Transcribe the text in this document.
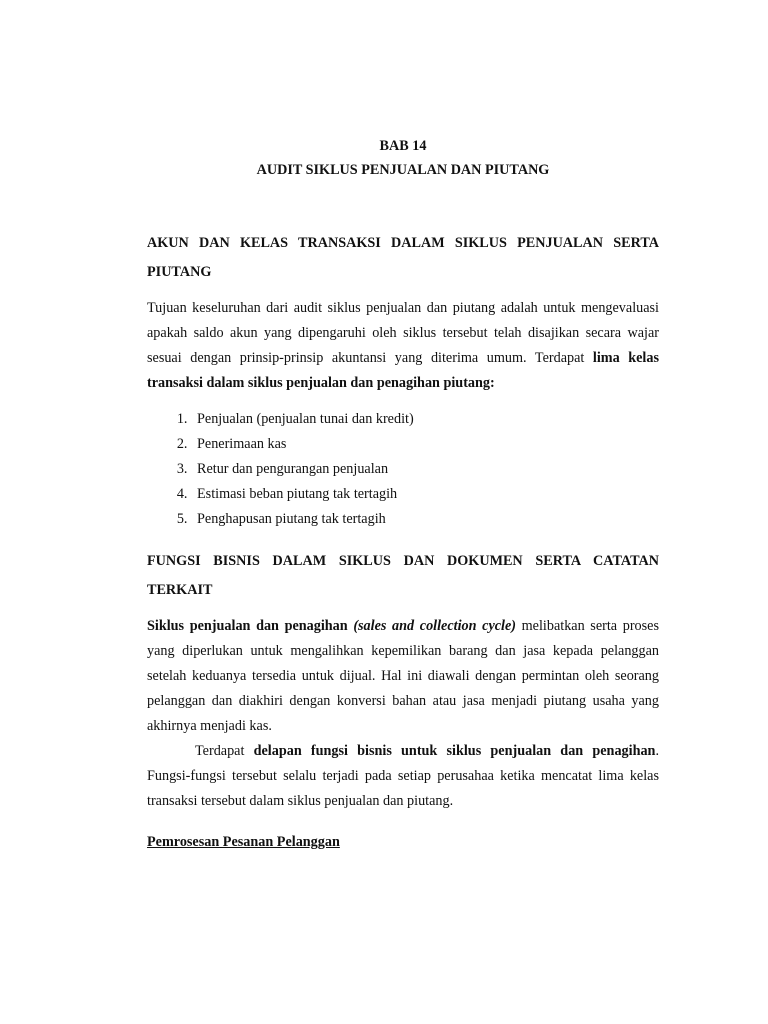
BAB 14
AUDIT SIKLUS PENJUALAN DAN PIUTANG
AKUN DAN KELAS TRANSAKSI DALAM SIKLUS PENJUALAN SERTA PIUTANG

Tujuan keseluruhan dari audit siklus penjualan dan piutang adalah untuk mengevaluasi apakah saldo akun yang dipengaruhi oleh siklus tersebut telah disajikan secara wajar sesuai dengan prinsip-prinsip akuntansi yang diterima umum. Terdapat lima kelas transaksi dalam siklus penjualan dan penagihan piutang:

1. Penjualan (penjualan tunai dan kredit)
2. Penerimaan kas
3. Retur dan pengurangan penjualan
4. Estimasi beban piutang tak tertagih
5. Penghapusan piutang tak tertagih
FUNGSI BISNIS DALAM SIKLUS DAN DOKUMEN SERTA CATATAN TERKAIT

Siklus penjualan dan penagihan (sales and collection cycle) melibatkan serta proses yang diperlukan untuk mengalihkan kepemilikan barang dan jasa kepada pelanggan setelah keduanya tersedia untuk dijual. Hal ini diawali dengan permintan oleh seorang pelanggan dan diakhiri dengan konversi bahan atau jasa menjadi piutang usaha yang akhirnya menjadi kas.

Terdapat delapan fungsi bisnis untuk siklus penjualan dan penagihan. Fungsi-fungsi tersebut selalu terjadi pada setiap perusahaa ketika mencatat lima kelas transaksi tersebut dalam siklus penjualan dan piutang.

Pemrosesan Pesanan Pelanggan
